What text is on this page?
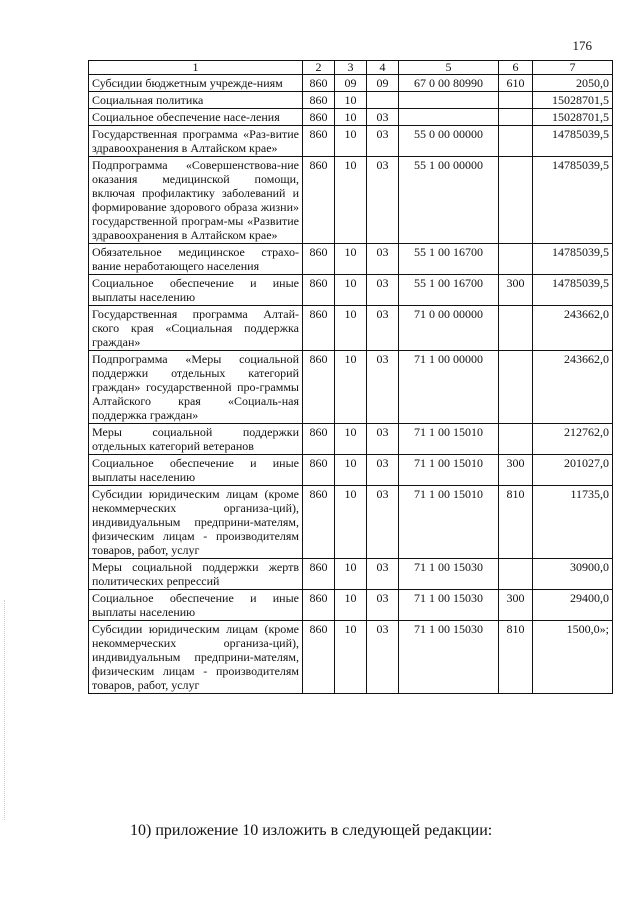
176
1	2	3	4	5	6	7
Субсидии бюджетным учрежде-ниям	860	09	09	67 0 00 80990	610	2050,0
Социальная политика	860	10				15028701,5
Социальное обеспечение насе-ления	860	10	03			15028701,5
Государственная программа «Раз-витие здравоохранения в Алтайском крае»	860	10	03	55 0 00 00000		14785039,5
Подпрограмма «Совершенствова-ние оказания медицинской помощи, включая профилактику заболеваний и формирование здорового образа жизни» государственной програм-мы «Развитие здравоохранения в Алтайском крае»	860	10	03	55 1 00 00000		14785039,5
Обязательное медицинское страхо-вание неработающего населения	860	10	03	55 1 00 16700		14785039,5
Социальное обеспечение и иные выплаты населению	860	10	03	55 1 00 16700	300	14785039,5
Государственная программа Алтай-ского края «Социальная поддержка граждан»	860	10	03	71 0 00 00000		243662,0
Подпрограмма «Меры социальной поддержки отдельных категорий граждан» государственной про-граммы Алтайского края «Социаль-ная поддержка граждан»	860	10	03	71 1 00 00000		243662,0
Меры социальной поддержки отдельных категорий ветеранов	860	10	03	71 1 00 15010		212762,0
Социальное обеспечение и иные выплаты населению	860	10	03	71 1 00 15010	300	201027,0
Субсидии юридическим лицам (кроме некоммерческих организа-ций), индивидуальным предприни-мателям, физическим лицам - производителям товаров, работ, услуг	860	10	03	71 1 00 15010	810	11735,0
Меры социальной поддержки жертв политических репрессий	860	10	03	71 1 00 15030		30900,0
Социальное обеспечение и иные выплаты населению	860	10	03	71 1 00 15030	300	29400,0
Субсидии юридическим лицам (кроме некоммерческих организа-ций), индивидуальным предприни-мателям, физическим лицам - производителям товаров, работ, услуг	860	10	03	71 1 00 15030	810	1500,0»;
10) приложение 10 изложить в следующей редакции:
